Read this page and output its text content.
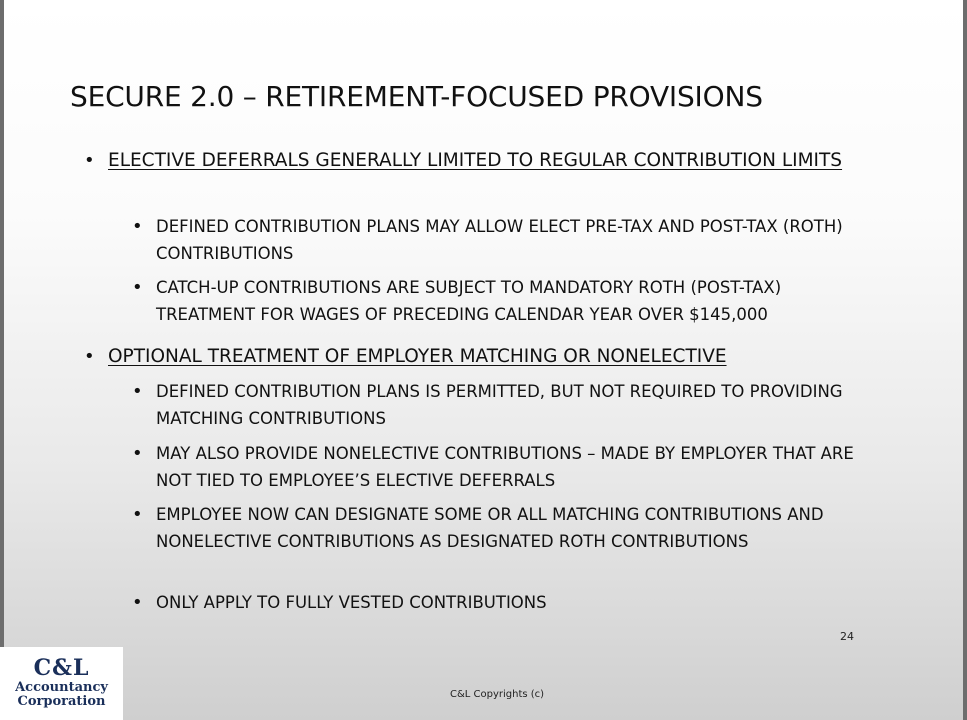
SECURE 2.0 – RETIREMENT-FOCUSED PROVISIONS
• ELECTIVE DEFERRALS GENERALLY LIMITED TO REGULAR CONTRIBUTION LIMITS
• DEFINED CONTRIBUTION PLANS MAY ALLOW ELECT PRE-TAX AND POST-TAX (ROTH) CONTRIBUTIONS
• CATCH-UP CONTRIBUTIONS ARE SUBJECT TO MANDATORY ROTH (POST-TAX) TREATMENT FOR WAGES OF PRECEDING CALENDAR YEAR OVER $145,000
• OPTIONAL TREATMENT OF EMPLOYER MATCHING OR NONELECTIVE
• DEFINED CONTRIBUTION PLANS IS PERMITTED, BUT NOT REQUIRED TO PROVIDING MATCHING CONTRIBUTIONS
• MAY ALSO PROVIDE NONELECTIVE CONTRIBUTIONS – MADE BY EMPLOYER THAT ARE NOT TIED TO EMPLOYEE’S ELECTIVE DEFERRALS
• EMPLOYEE NOW CAN DESIGNATE SOME OR ALL MATCHING CONTRIBUTIONS AND NONELECTIVE CONTRIBUTIONS AS DESIGNATED ROTH CONTRIBUTIONS
• ONLY APPLY TO FULLY VESTED CONTRIBUTIONS
24
C&L Copyrights (c)
C&L
Accountancy
Corporation
